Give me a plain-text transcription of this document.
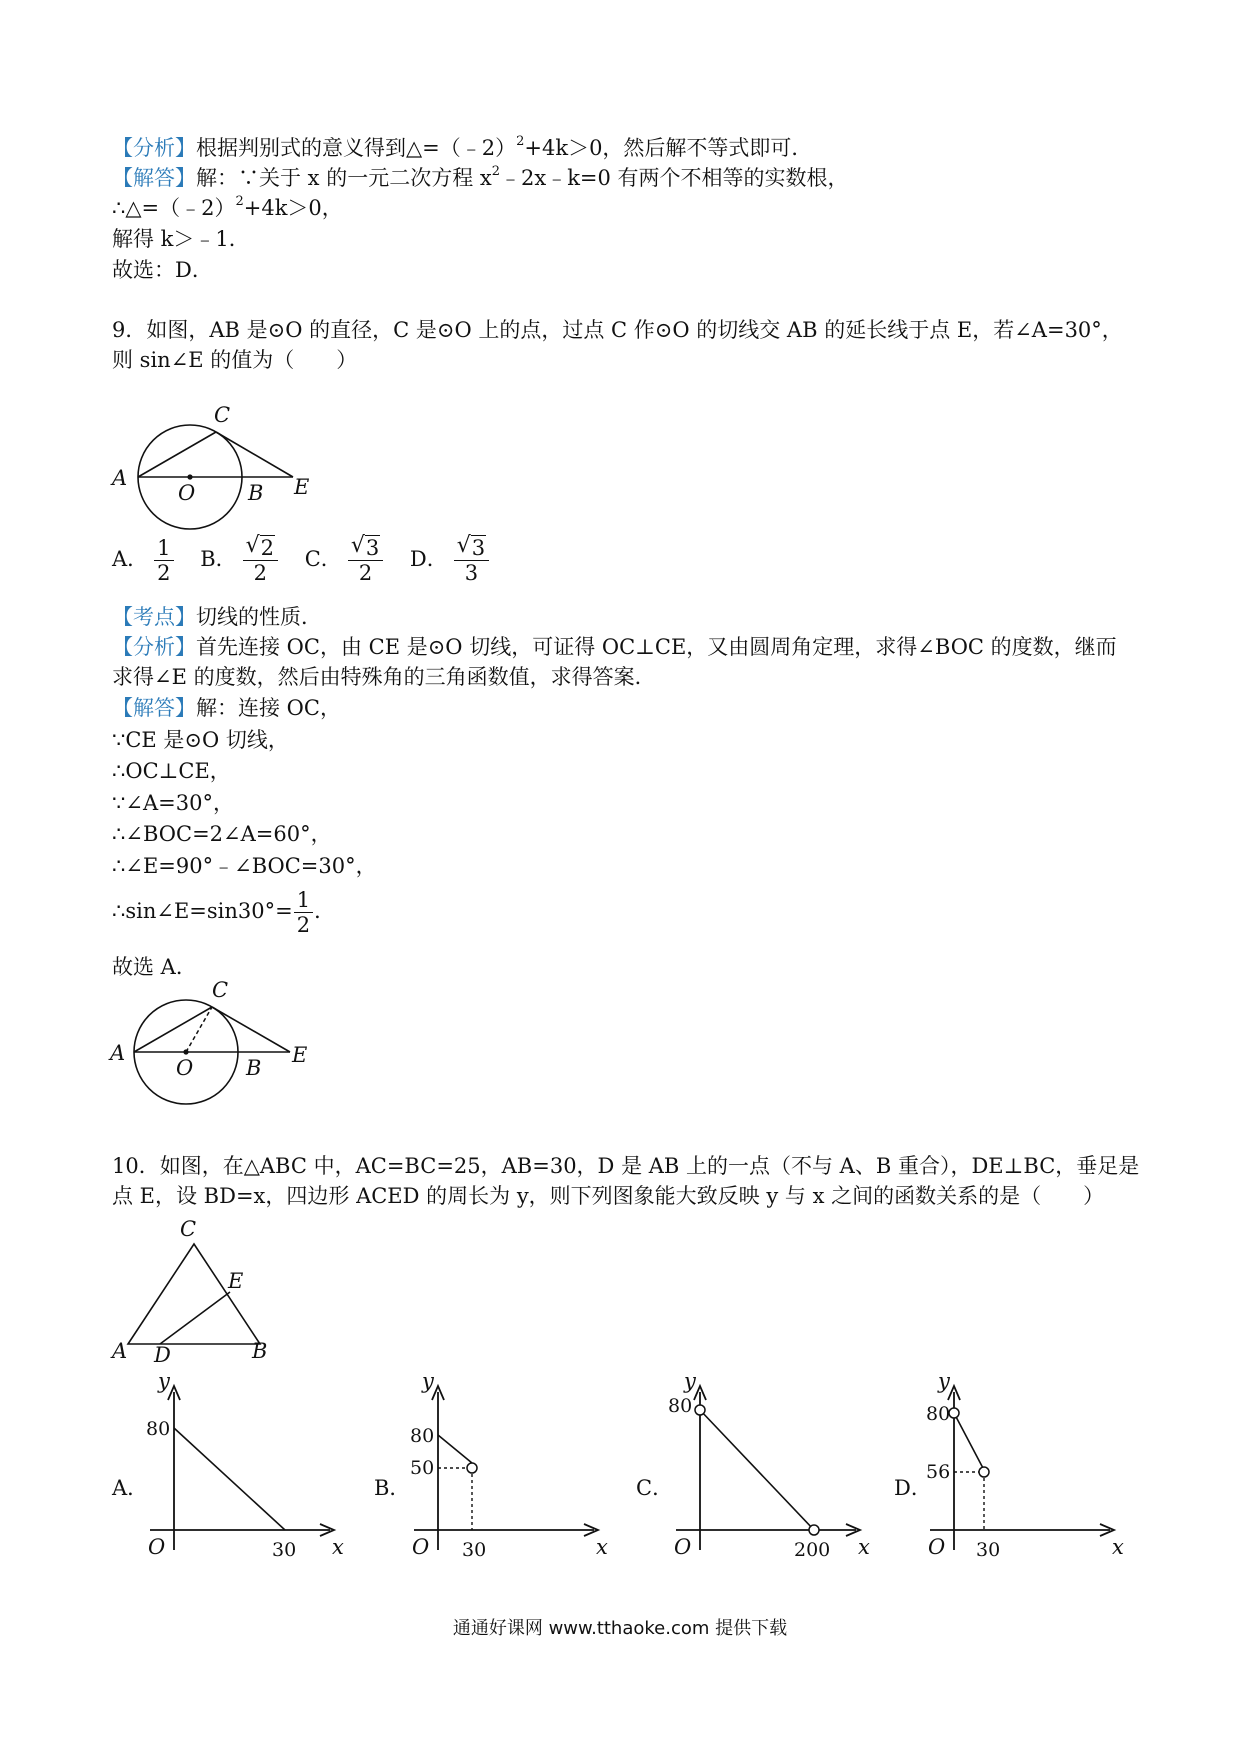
【分析】根据判别式的意义得到△=（﹣2）$^2$+4k＞0，然后解不等式即可．
【解答】解：∵关于 x 的一元二次方程 $x^2﹣2x﹣k=0$ 有两个不相等的实数根，
∴△=（﹣2）$^2$+4k＞0，
解得 k＞﹣1．
故选：D．
9．如图，AB 是⊙O 的直径，C 是⊙O 上的点，过点 C 作⊙O 的切线交 AB 的延长线于点 E，若∠A=30°，
则 sin∠E 的值为（　　）
A
O	B
C
E
A． $\frac{1}{2}$ B． $\frac{√ 2}{2}$ C． $\frac{√ 3}{2}$ D． $\frac{√ 3}{3}$
【考点】切线的性质．
【分析】首先连接 OC，由 CE 是⊙O 切线，可证得 OC⊥CE，又由圆周角定理，求得∠BOC 的度数，继而
求得∠E 的度数，然后由特殊角的三角函数值，求得答案．
【解答】解：连接 OC，
∵CE 是⊙O 切线，
∴OC⊥CE，
∵∠A=30°，
∴∠BOC=2∠A=60°，
∴∠E=90°﹣∠BOC=30°，
∴sin∠E=sin30°= $\frac{1}{2}$ ．
故选 A．
A
O	B
C
E
10．如图，在△ABC 中，AC=BC=25，AB=30，D 是 AB 上的一点（不与 A、B 重合），DE⊥BC，垂足是
点 E，设 BD=x，四边形 ACED 的周长为 y，则下列图象能大致反映 y 与 x 之间的函数关系的是（　　）
A	B
C
D
E
A．
y
x
O
80
30
B．
y
x
O
80
50
30
C．
y
x
O
80
200
D．
y
x
O
80
56
30
通通好课网 www.tthaoke.com 提供下载
